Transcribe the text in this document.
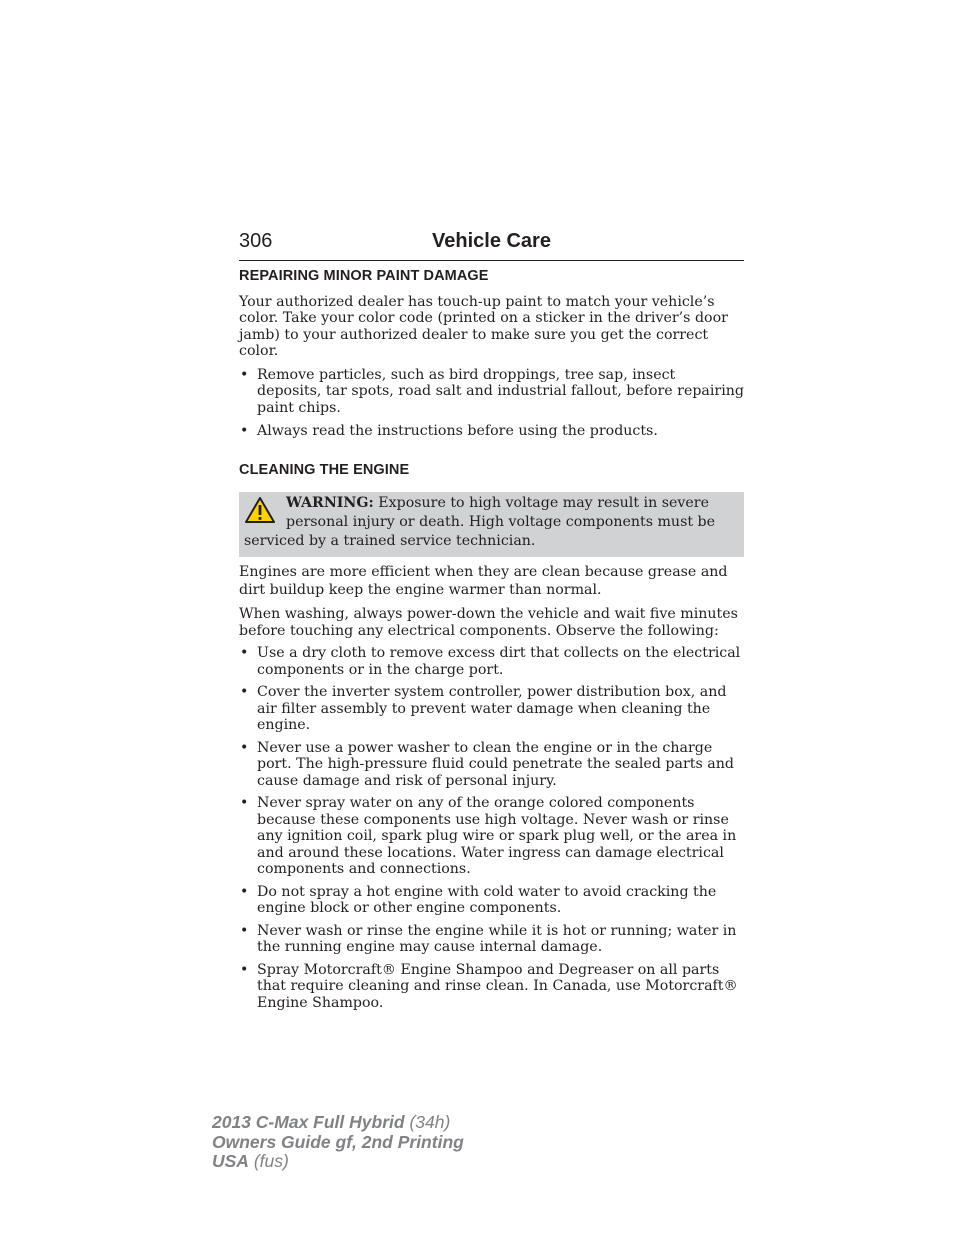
306	Vehicle Care
REPAIRING MINOR PAINT DAMAGE

Your authorized dealer has touch-up paint to match your vehicle’s color. Take your color code (printed on a sticker in the driver’s door jamb) to your authorized dealer to make sure you get the correct color.

• Remove particles, such as bird droppings, tree sap, insect deposits, tar spots, road salt and industrial fallout, before repairing paint chips.
• Always read the instructions before using the products.
CLEANING THE ENGINE
WARNING: Exposure to high voltage may result in severe
personal injury or death. High voltage components must be
serviced by a trained service technician.

Engines are more efficient when they are clean because grease and dirt buildup keep the engine warmer than normal.

When washing, always power-down the vehicle and wait five minutes before touching any electrical components. Observe the following:

• Use a dry cloth to remove excess dirt that collects on the electrical components or in the charge port.
• Cover the inverter system controller, power distribution box, and air filter assembly to prevent water damage when cleaning the engine.
• Never use a power washer to clean the engine or in the charge port. The high-pressure fluid could penetrate the sealed parts and cause damage and risk of personal injury.
• Never spray water on any of the orange colored components because these components use high voltage. Never wash or rinse any ignition coil, spark plug wire or spark plug well, or the area in and around these locations. Water ingress can damage electrical components and connections.
• Do not spray a hot engine with cold water to avoid cracking the engine block or other engine components.
• Never wash or rinse the engine while it is hot or running; water in the running engine may cause internal damage.
• Spray Motorcraft® Engine Shampoo and Degreaser on all parts that require cleaning and rinse clean. In Canada, use Motorcraft® Engine Shampoo.
2013 C-Max Full Hybrid (34h)
Owners Guide gf, 2nd Printing
USA (fus)
